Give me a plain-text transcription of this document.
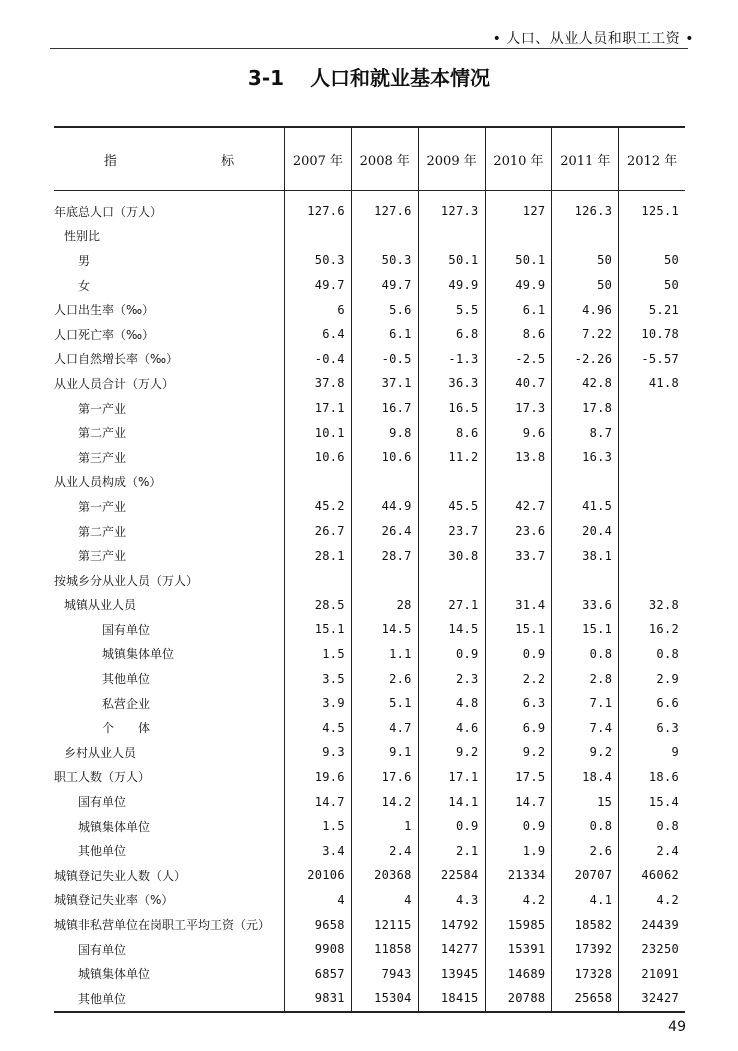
• 人口、从业人员和职工工资 •
3-1 人口和就业基本情况
指 标	2007 年	2008 年	2009 年	2010 年	2011 年	2012 年
年底总人口（万人）	127.6	127.6	127.3	127	126.3	125.1
性别比						
男	50.3	50.3	50.1	50.1	50	50
女	49.7	49.7	49.9	49.9	50	50
人口出生率（‰）	6	5.6	5.5	6.1	4.96	5.21
人口死亡率（‰）	6.4	6.1	6.8	8.6	7.22	10.78
人口自然增长率（‰）	-0.4	-0.5	-1.3	-2.5	-2.26	-5.57
从业人员合计（万人）	37.8	37.1	36.3	40.7	42.8	41.8
第一产业	17.1	16.7	16.5	17.3	17.8	
第二产业	10.1	9.8	8.6	9.6	8.7	
第三产业	10.6	10.6	11.2	13.8	16.3	
从业人员构成（%）						
第一产业	45.2	44.9	45.5	42.7	41.5	
第二产业	26.7	26.4	23.7	23.6	20.4	
第三产业	28.1	28.7	30.8	33.7	38.1	
按城乡分从业人员（万人）						
城镇从业人员	28.5	28	27.1	31.4	33.6	32.8
国有单位	15.1	14.5	14.5	15.1	15.1	16.2
城镇集体单位	1.5	1.1	0.9	0.9	0.8	0.8
其他单位	3.5	2.6	2.3	2.2	2.8	2.9
私营企业	3.9	5.1	4.8	6.3	7.1	6.6
个　　体	4.5	4.7	4.6	6.9	7.4	6.3
乡村从业人员	9.3	9.1	9.2	9.2	9.2	9
职工人数（万人）	19.6	17.6	17.1	17.5	18.4	18.6
国有单位	14.7	14.2	14.1	14.7	15	15.4
城镇集体单位	1.5	1	0.9	0.9	0.8	0.8
其他单位	3.4	2.4	2.1	1.9	2.6	2.4
城镇登记失业人数（人）	20106	20368	22584	21334	20707	46062
城镇登记失业率（%）	4	4	4.3	4.2	4.1	4.2
城镇非私营单位在岗职工平均工资（元）	9658	12115	14792	15985	18582	24439
国有单位	9908	11858	14277	15391	17392	23250
城镇集体单位	6857	7943	13945	14689	17328	21091
其他单位	9831	15304	18415	20788	25658	32427
49
